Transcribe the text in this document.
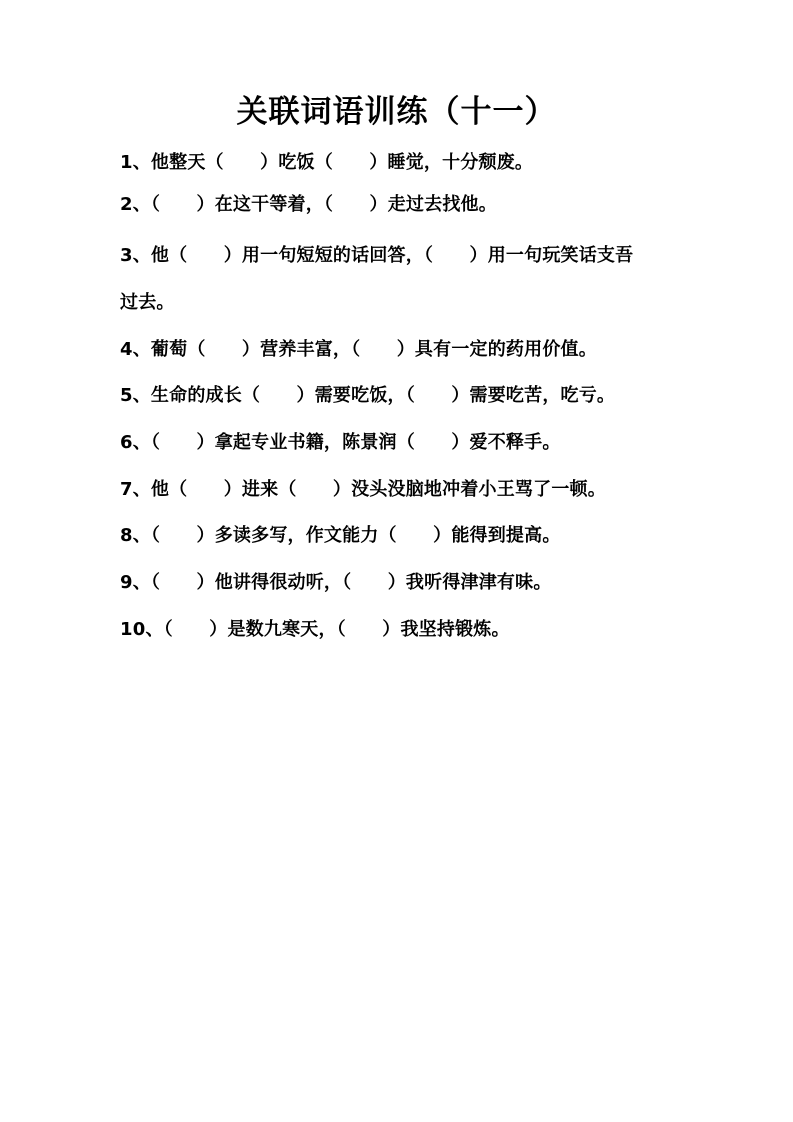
关联词语训练（十一）
1、他整天（　　）吃饭（　　）睡觉，十分颓废。
2、（　　）在这干等着，（　　）走过去找他。
3、他（　　）用一句短短的话回答，（　　）用一句玩笑话支吾
过去。
4、葡萄（　　）营养丰富，（　　）具有一定的药用价值。
5、生命的成长（　　）需要吃饭，（　　）需要吃苦，吃亏。
6、（　　）拿起专业书籍，陈景润（　　）爱不释手。
7、他（　　）进来（　　）没头没脑地冲着小王骂了一顿。
8、（　　）多读多写，作文能力（　　）能得到提高。
9、（　　）他讲得很动听，（　　）我听得津津有味。
10、（　　）是数九寒天，（　　）我坚持锻炼。
